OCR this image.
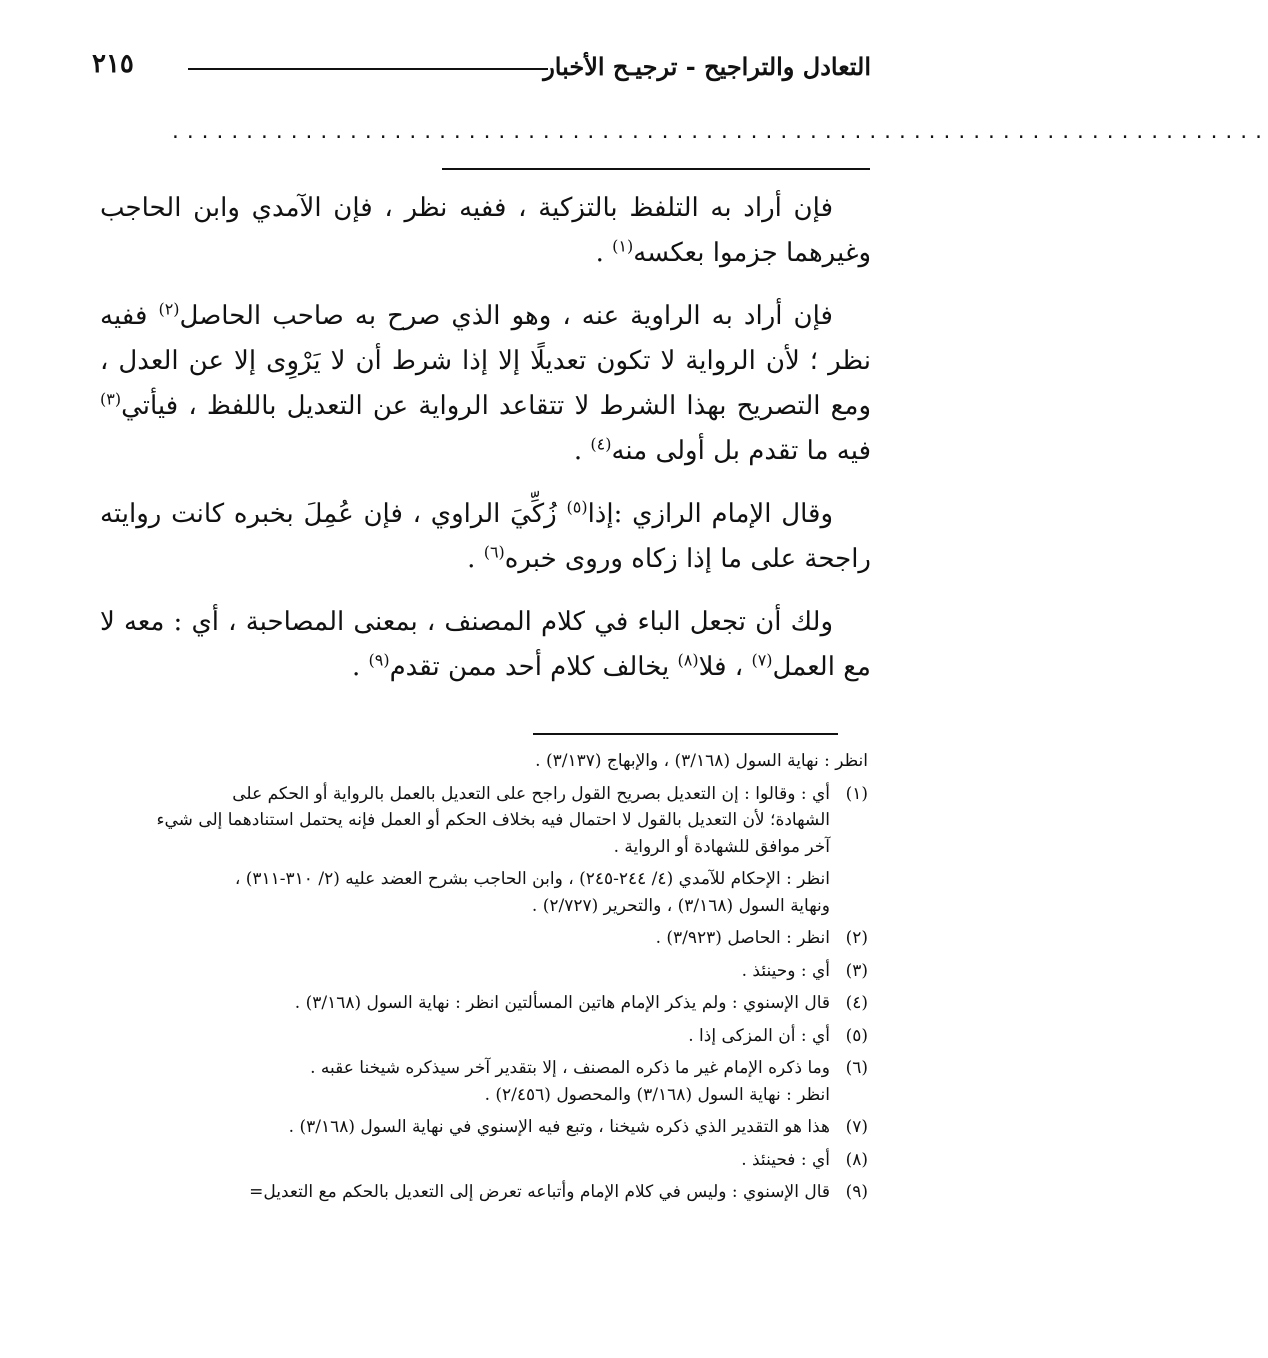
التعادل والتراجيح - ترجيـح الأخبار
٢١٥
..........................................................................

فإن أراد به التلفظ بالتزكية ، ففيه نظر ، فإن الآمدي وابن الحاجب وغيرهما جزموا بعكسه$^{(١)}$ .

فإن أراد به الراوية عنه ، وهو الذي صرح به صاحب الحاصل$^{(٢)}$ ففيه نظر ؛ لأن الرواية لا تكون تعديلًا إلا إذا شرط أن لا يَرْوِى إلا عن العدل ، ومع التصريح بهذا الشرط لا تتقاعد الرواية عن التعديل باللفظ ، فيأتي$^{(٣)}$ فيه ما تقدم بل أولى منه$^{(٤)}$ .

وقال الإمام الرازي :إذا$^{(٥)}$ زُكِّيَ الراوي ، فإن عُمِلَ بخبره كانت روايته راجحة على ما إذا زكاه وروى خبره$^{(٦)}$ .

ولك أن تجعل الباء في كلام المصنف ، بمعنى المصاحبة ، أي : معه لا مع العمل$^{(٧)}$ ، فلا$^{(٨)}$ يخالف كلام أحد ممن تقدم$^{(٩)}$ .

انظر : نهاية السول (٣/١٦٨) ، والإبهاج (٣/١٣٧) .
(١)
أي : وقالوا : إن التعديل بصريح القول راجح على التعديل بالعمل بالرواية أو الحكم على
الشهادة؛ لأن التعديل بالقول لا احتمال فيه بخلاف الحكم أو العمل فإنه يحتمل استنادهما إلى شيء
آخر موافق للشهادة أو الرواية .
انظر : الإحكام للآمدي (٤/ ٢٤٤-٢٤٥) ، وابن الحاجب بشرح العضد عليه (٢/ ٣١٠-٣١١) ،
ونهاية السول (٣/١٦٨) ، والتحرير (٢/٧٢٧) .
(٢)
انظر : الحاصل (٣/٩٢٣) .
(٣)
أي : وحينئذ .
(٤)
قال الإسنوي : ولم يذكر الإمام هاتين المسألتين انظر : نهاية السول (٣/١٦٨) .
(٥)
أي : أن المزكى إذا .
(٦)
وما ذكره الإمام غير ما ذكره المصنف ، إلا بتقدير آخر سيذكره شيخنا عقبه .
انظر : نهاية السول (٣/١٦٨) والمحصول (٢/٤٥٦) .
(٧)
هذا هو التقدير الذي ذكره شيخنا ، وتبع فيه الإسنوي في نهاية السول (٣/١٦٨) .
(٨)
أي : فحينئذ .
(٩)
قال الإسنوي : وليس في كلام الإمام وأتباعه تعرض إلى التعديل بالحكم مع التعديل=
